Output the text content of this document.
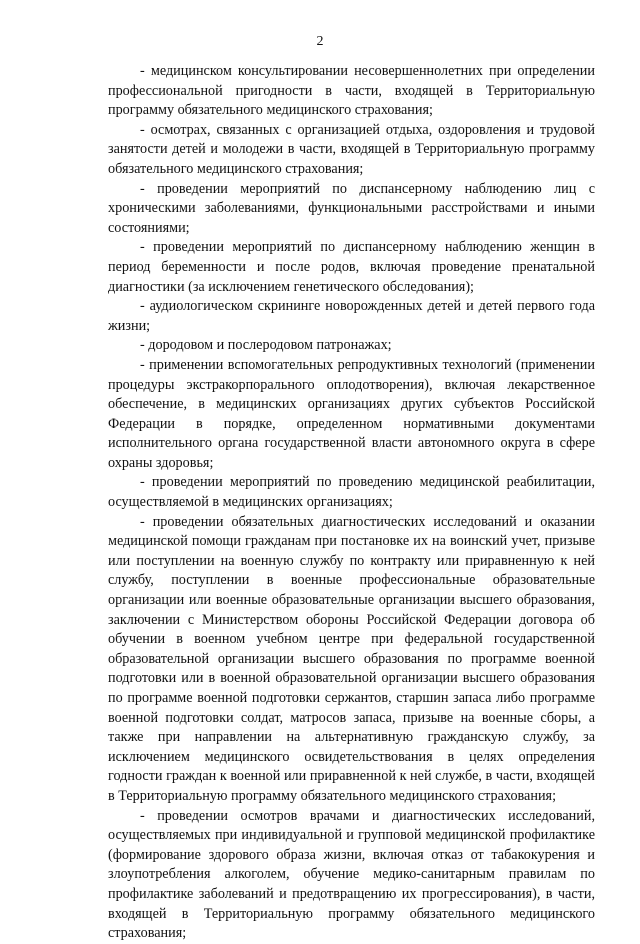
2

- медицинском консультировании несовершеннолетних при определении профессиональной пригодности в части, входящей в Территориальную программу обязательного медицинского страхования;

- осмотрах, связанных с организацией отдыха, оздоровления и трудовой занятости детей и молодежи в части, входящей в Территориальную программу обязательного медицинского страхования;

- проведении мероприятий по диспансерному наблюдению лиц с хроническими заболеваниями, функциональными расстройствами и иными состояниями;

- проведении мероприятий по диспансерному наблюдению женщин в период беременности и после родов, включая проведение пренатальной диагностики (за исключением генетического обследования);

- аудиологическом скрининге новорожденных детей и детей первого года жизни;

- дородовом и послеродовом патронажах;

- применении вспомогательных репродуктивных технологий (применении процедуры экстракорпорального оплодотворения), включая лекарственное обеспечение, в медицинских организациях других субъектов Российской Федерации в порядке, определенном нормативными документами исполнительного органа государственной власти автономного округа в сфере охраны здоровья;

- проведении мероприятий по проведению медицинской реабилитации, осуществляемой в медицинских организациях;

- проведении обязательных диагностических исследований и оказании медицинской помощи гражданам при постановке их на воинский учет, призыве или поступлении на военную службу по контракту или приравненную к ней службу, поступлении в военные профессиональные образовательные организации или военные образовательные организации высшего образования, заключении с Министерством обороны Российской Федерации договора об обучении в военном учебном центре при федеральной государственной образовательной организации высшего образования по программе военной подготовки или в военной образовательной организации высшего образования по программе военной подготовки сержантов, старшин запаса либо программе военной подготовки солдат, матросов запаса, призыве на военные сборы, а также при направлении на альтернативную гражданскую службу, за исключением медицинского освидетельствования в целях определения годности граждан к военной или приравненной к ней службе, в части, входящей в Территориальную программу обязательного медицинского страхования;

- проведении осмотров врачами и диагностических исследований, осуществляемых при индивидуальной и групповой медицинской профилактике (формирование здорового образа жизни, включая отказ от табакокурения и злоупотребления алкоголем, обучение медико-санитарным правилам по профилактике заболеваний и предотвращению их прогрессирования), в части, входящей в Территориальную программу обязательного медицинского страхования;
